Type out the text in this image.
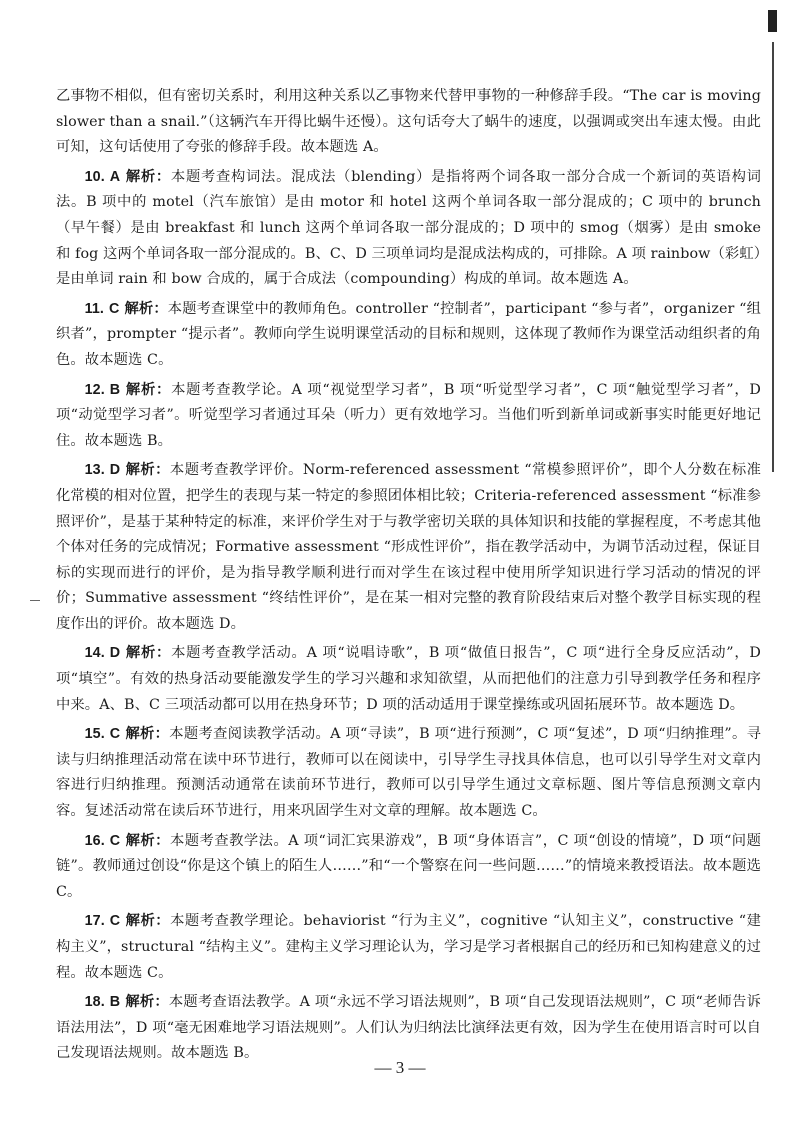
乙事物不相似，但有密切关系时，利用这种关系以乙事物来代替甲事物的一种修辞手段。“The car is moving slower than a snail.”（这辆汽车开得比蜗牛还慢）。这句话夸大了蜗牛的速度，以强调或突出车速太慢。由此可知，这句话使用了夸张的修辞手段。故本题选 A。

10. A 解析：本题考查构词法。混成法（blending）是指将两个词各取一部分合成一个新词的英语构词法。B 项中的 motel（汽车旅馆）是由 motor 和 hotel 这两个单词各取一部分混成的；C 项中的 brunch（早午餐）是由 breakfast 和 lunch 这两个单词各取一部分混成的；D 项中的 smog（烟雾）是由 smoke 和 fog 这两个单词各取一部分混成的。B、C、D 三项单词均是混成法构成的，可排除。A 项 rainbow（彩虹）是由单词 rain 和 bow 合成的，属于合成法（compounding）构成的单词。故本题选 A。

11. C 解析：本题考查课堂中的教师角色。controller “控制者”，participant “参与者”，organizer “组织者”，prompter “提示者”。教师向学生说明课堂活动的目标和规则，这体现了教师作为课堂活动组织者的角色。故本题选 C。

12. B 解析：本题考查教学论。A 项“视觉型学习者”，B 项“听觉型学习者”，C 项“触觉型学习者”，D 项“动觉型学习者”。听觉型学习者通过耳朵（听力）更有效地学习。当他们听到新单词或新事实时能更好地记住。故本题选 B。

13. D 解析：本题考查教学评价。Norm-referenced assessment “常模参照评价”，即个人分数在标准化常模的相对位置，把学生的表现与某一特定的参照团体相比较；Criteria-referenced assessment “标准参照评价”，是基于某种特定的标准，来评价学生对于与教学密切关联的具体知识和技能的掌握程度，不考虑其他个体对任务的完成情况；Formative assessment “形成性评价”，指在教学活动中，为调节活动过程，保证目标的实现而进行的评价，是为指导教学顺利进行而对学生在该过程中使用所学知识进行学习活动的情况的评价；Summative assessment “终结性评价”，是在某一相对完整的教育阶段结束后对整个教学目标实现的程度作出的评价。故本题选 D。

14. D 解析：本题考查教学活动。A 项“说唱诗歌”，B 项“做值日报告”，C 项“进行全身反应活动”，D 项“填空”。有效的热身活动要能激发学生的学习兴趣和求知欲望，从而把他们的注意力引导到教学任务和程序中来。A、B、C 三项活动都可以用在热身环节；D 项的活动适用于课堂操练或巩固拓展环节。故本题选 D。

15. C 解析：本题考查阅读教学活动。A 项“寻读”，B 项“进行预测”，C 项“复述”，D 项“归纳推理”。寻读与归纳推理活动常在读中环节进行，教师可以在阅读中，引导学生寻找具体信息，也可以引导学生对文章内容进行归纳推理。预测活动通常在读前环节进行，教师可以引导学生通过文章标题、图片等信息预测文章内容。复述活动常在读后环节进行，用来巩固学生对文章的理解。故本题选 C。

16. C 解析：本题考查教学法。A 项“词汇宾果游戏”，B 项“身体语言”，C 项“创设的情境”，D 项“问题链”。教师通过创设“你是这个镇上的陌生人……”和“一个警察在问一些问题……”的情境来教授语法。故本题选 C。

17. C 解析：本题考查教学理论。behaviorist “行为主义”，cognitive “认知主义”，constructive “建构主义”，structural “结构主义”。建构主义学习理论认为，学习是学习者根据自己的经历和已知构建意义的过程。故本题选 C。

18. B 解析：本题考查语法教学。A 项“永远不学习语法规则”，B 项“自己发现语法规则”，C 项“老师告诉语法用法”，D 项“毫无困难地学习语法规则”。人们认为归纳法比演绎法更有效，因为学生在使用语言时可以自己发现语法规则。故本题选 B。

— 3 —
